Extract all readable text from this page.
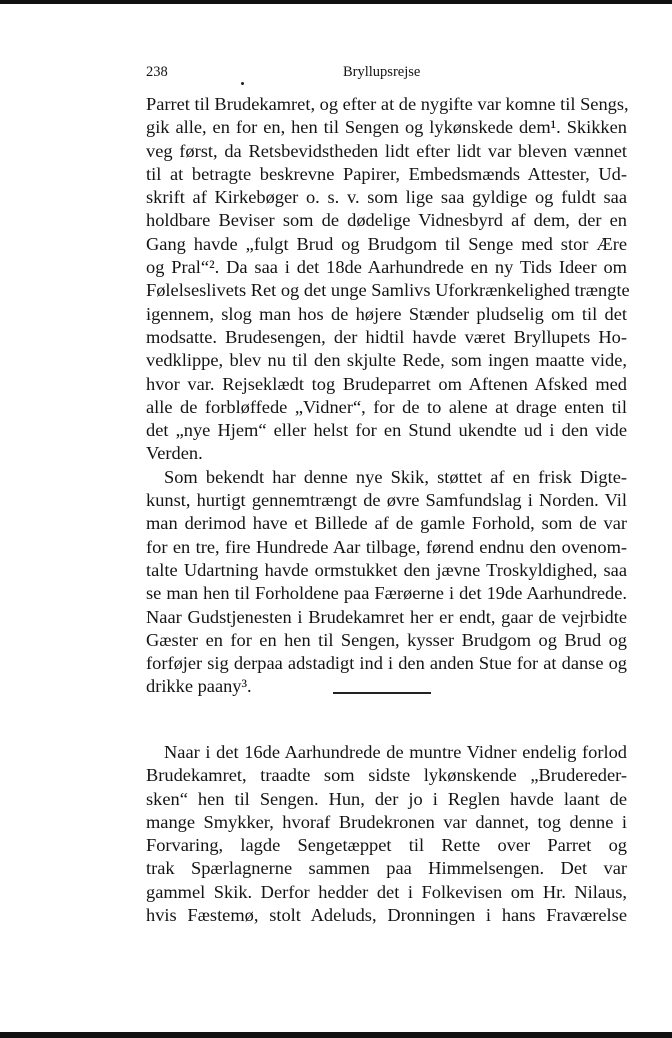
238	Bryllupsrejse
Parret til Brudekamret, og efter at de nygifte var komne til Sengs,
gik alle, en for en, hen til Sengen og lykønskede dem¹. Skikken
veg først, da Retsbevidstheden lidt efter lidt var bleven vænnet
til at betragte beskrevne Papirer, Embedsmænds Attester, Ud-
skrift af Kirkebøger o. s. v. som lige saa gyldige og fuldt saa
holdbare Beviser som de dødelige Vidnesbyrd af dem, der en
Gang havde „fulgt Brud og Brudgom til Senge med stor Ære
og Pral“². Da saa i det 18de Aarhundrede en ny Tids Ideer om
Følelseslivets Ret og det unge Samlivs Uforkrænkelighed trængte
igennem, slog man hos de højere Stænder pludselig om til det
modsatte. Brudesengen, der hidtil havde været Bryllupets Ho-
vedklippe, blev nu til den skjulte Rede, som ingen maatte vide,
hvor var. Rejseklædt tog Brudeparret om Aftenen Afsked med
alle de forbløffede „Vidner“, for de to alene at drage enten til
det „nye Hjem“ eller helst for en Stund ukendte ud i den vide
Verden.
Som bekendt har denne nye Skik, støttet af en frisk Digte-
kunst, hurtigt gennemtrængt de øvre Samfundslag i Norden. Vil
man derimod have et Billede af de gamle Forhold, som de var
for en tre, fire Hundrede Aar tilbage, førend endnu den ovenom-
talte Udartning havde ormstukket den jævne Troskyldighed, saa
se man hen til Forholdene paa Færøerne i det 19de Aarhundrede.
Naar Gudstjenesten i Brudekamret her er endt, gaar de vejrbidte
Gæster en for en hen til Sengen, kysser Brudgom og Brud og
forføjer sig derpaa adstadigt ind i den anden Stue for at danse og
drikke paany³.
Naar i det 16de Aarhundrede de muntre Vidner endelig forlod
Brudekamret, traadte som sidste lykønskende „Brudereder-
sken“ hen til Sengen. Hun, der jo i Reglen havde laant de
mange Smykker, hvoraf Brudekronen var dannet, tog denne i
Forvaring, lagde Sengetæppet til Rette over Parret og
trak Spærlagnerne sammen paa Himmelsengen. Det var
gammel Skik. Derfor hedder det i Folkevisen om Hr. Nilaus,
hvis Fæstemø, stolt Adeluds, Dronningen i hans Fraværelse
